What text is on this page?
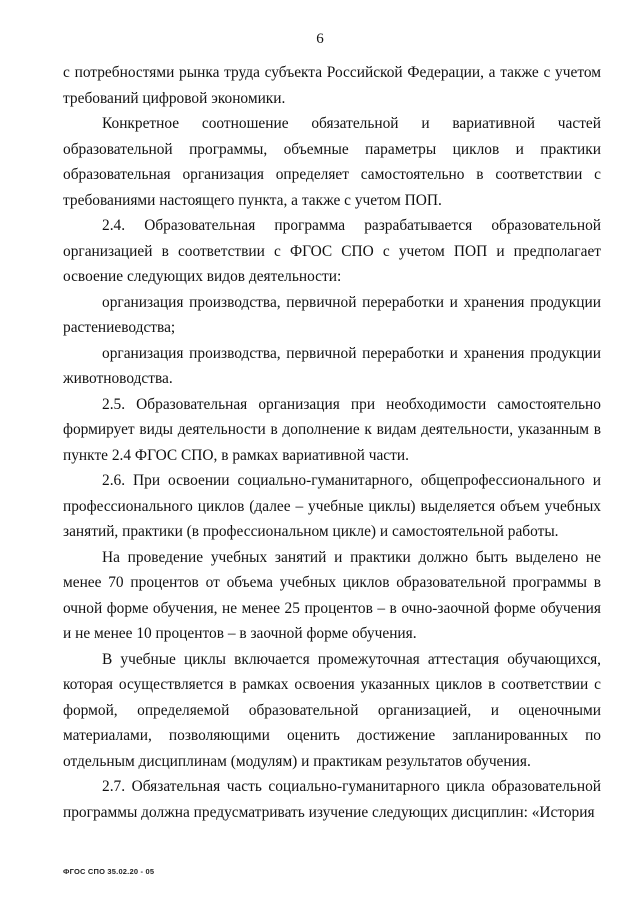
6

с потребностями рынка труда субъекта Российской Федерации, а также с учетом требований цифровой экономики.

Конкретное соотношение обязательной и вариативной частей образовательной программы, объемные параметры циклов и практики образовательная организация определяет самостоятельно в соответствии с требованиями настоящего пункта, а также с учетом ПОП.

2.4. Образовательная программа разрабатывается образовательной организацией в соответствии с ФГОС СПО с учетом ПОП и предполагает освоение следующих видов деятельности:

организация производства, первичной переработки и хранения продукции растениеводства;

организация производства, первичной переработки и хранения продукции животноводства.

2.5. Образовательная организация при необходимости самостоятельно формирует виды деятельности в дополнение к видам деятельности, указанным в пункте 2.4 ФГОС СПО, в рамках вариативной части.

2.6. При освоении социально-гуманитарного, общепрофессионального и профессионального циклов (далее – учебные циклы) выделяется объем учебных занятий, практики (в профессиональном цикле) и самостоятельной работы.

На проведение учебных занятий и практики должно быть выделено не менее 70 процентов от объема учебных циклов образовательной программы в очной форме обучения, не менее 25 процентов – в очно-заочной форме обучения и не менее 10 процентов – в заочной форме обучения.

В учебные циклы включается промежуточная аттестация обучающихся, которая осуществляется в рамках освоения указанных циклов в соответствии с формой, определяемой образовательной организацией, и оценочными материалами, позволяющими оценить достижение запланированных по отдельным дисциплинам (модулям) и практикам результатов обучения.

2.7. Обязательная часть социально-гуманитарного цикла образовательной программы должна предусматривать изучение следующих дисциплин: «История

ФГОС СПО 35.02.20 - 05
